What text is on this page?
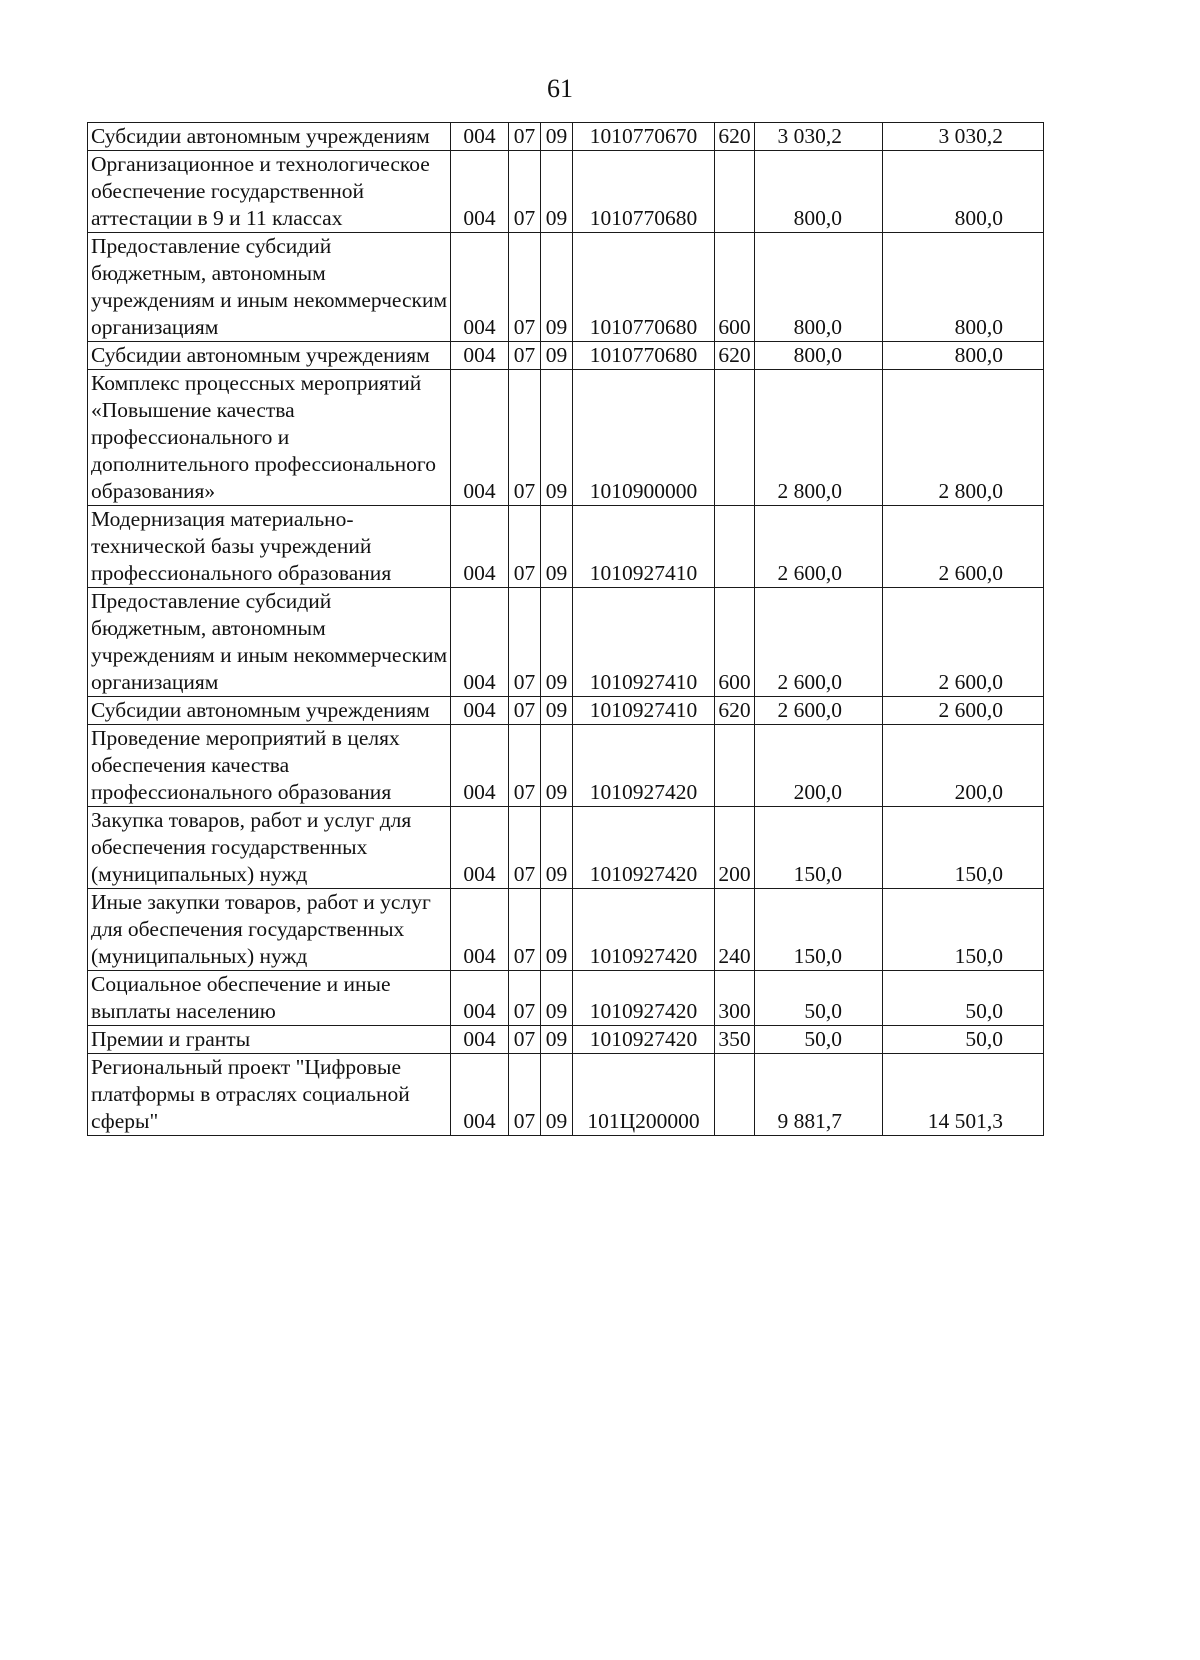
61
Субсидии автономным учреждениям	004	07	09	1010770670	620	3 030,2	3 030,2
Организационное и технологическое обеспечение государственной аттестации в 9 и 11 классах	004	07	09	1010770680		800,0	800,0
Предоставление субсидий бюджетным, автономным учреждениям и иным некоммерческим организациям	004	07	09	1010770680	600	800,0	800,0
Субсидии автономным учреждениям	004	07	09	1010770680	620	800,0	800,0
Комплекс процессных мероприятий «Повышение качества профессионального и дополнительного профессионального образования»	004	07	09	1010900000		2 800,0	2 800,0
Модернизация материально-технической базы учреждений профессионального образования	004	07	09	1010927410		2 600,0	2 600,0
Предоставление субсидий бюджетным, автономным учреждениям и иным некоммерческим организациям	004	07	09	1010927410	600	2 600,0	2 600,0
Субсидии автономным учреждениям	004	07	09	1010927410	620	2 600,0	2 600,0
Проведение мероприятий в целях обеспечения качества профессионального образования	004	07	09	1010927420		200,0	200,0
Закупка товаров, работ и услуг для обеспечения государственных (муниципальных) нужд	004	07	09	1010927420	200	150,0	150,0
Иные закупки товаров, работ и услуг для обеспечения государственных (муниципальных) нужд	004	07	09	1010927420	240	150,0	150,0
Социальное обеспечение и иные выплаты населению	004	07	09	1010927420	300	50,0	50,0
Премии и гранты	004	07	09	1010927420	350	50,0	50,0
Региональный проект "Цифровые платформы в отраслях социальной сферы"	004	07	09	101Ц200000		9 881,7	14 501,3
